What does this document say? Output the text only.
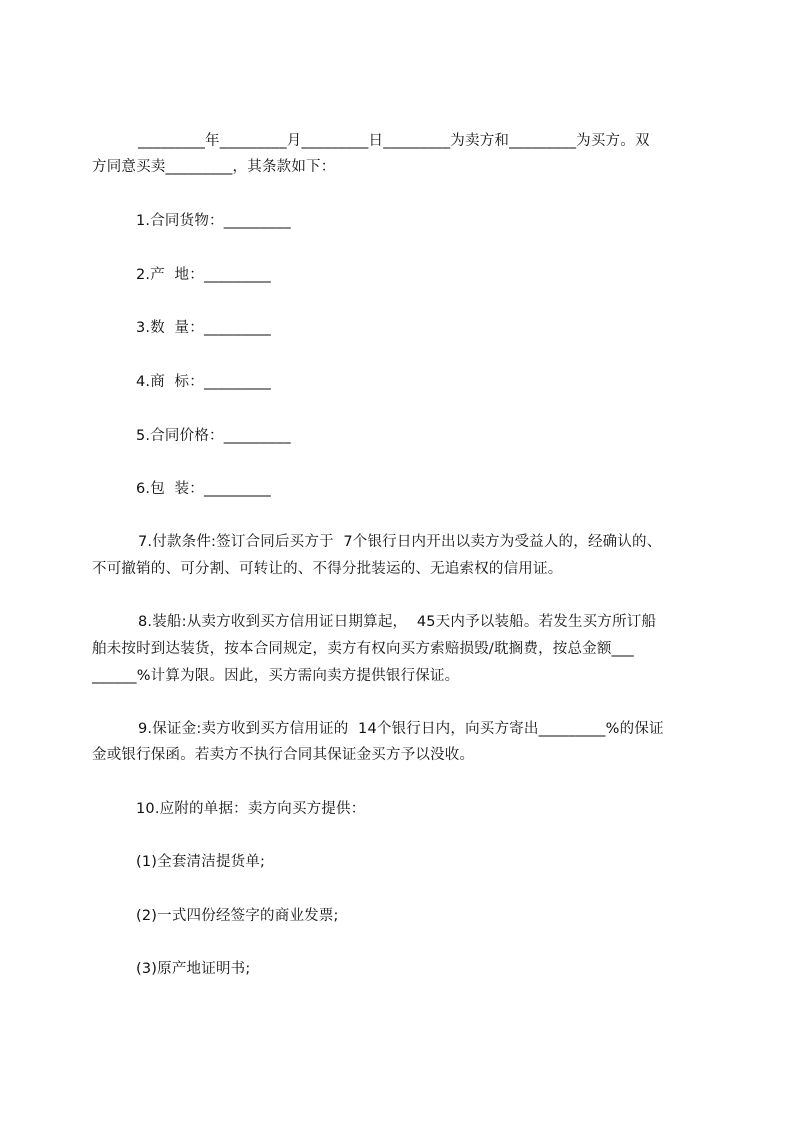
_________年_________月_________日_________为卖方和_________为买方。双
方同意买卖_________，其条款如下：
1.合同货物：_________
2.产  地：_________
3.数  量：_________
4.商  标：_________
5.合同价格：_________
6.包  装：_________
7.付款条件:签订合同后买方于  7个银行日内开出以卖方为受益人的，经确认的、
不可撤销的、可分割、可转让的、不得分批装运的、无追索权的信用证。
8.装船:从卖方收到买方信用证日期算起，  45天内予以装船。若发生买方所订船
舶未按时到达装货，按本合同规定，卖方有权向买方索赔损毁/耽搁费，按总金额___
______%计算为限。因此，买方需向卖方提供银行保证。
9.保证金:卖方收到买方信用证的  14个银行日内，向买方寄出_________%的保证
金或银行保函。若卖方不执行合同其保证金买方予以没收。
10.应附的单据：卖方向买方提供：
(1)全套清洁提货单;
(2)一式四份经签字的商业发票;
(3)原产地证明书;
